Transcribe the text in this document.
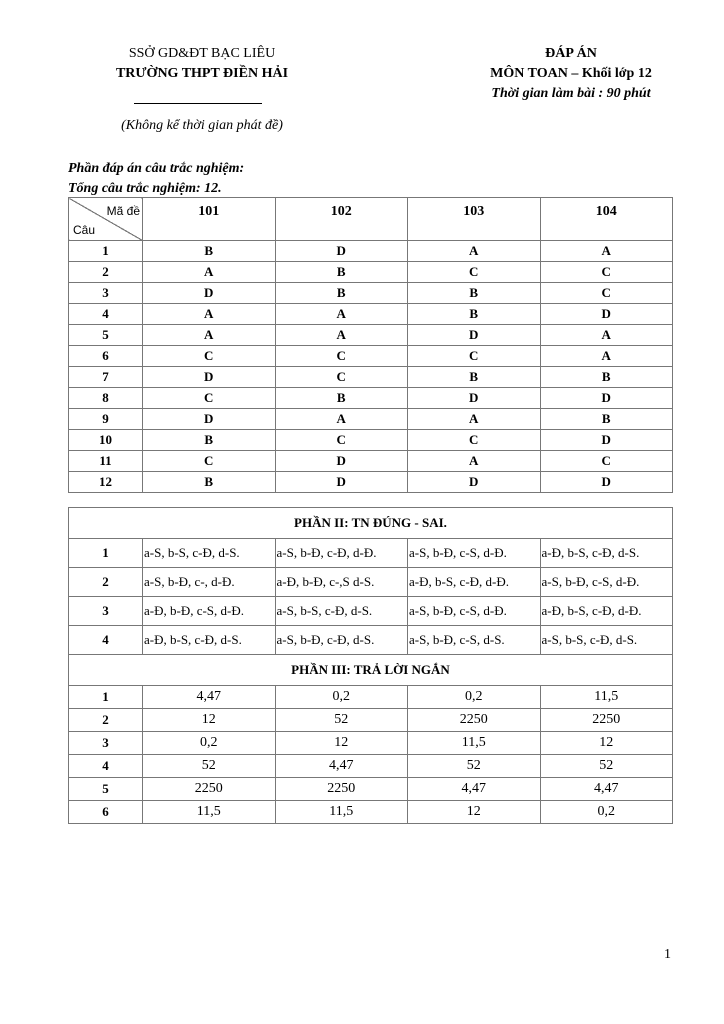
SSỞ GD&ĐT BẠC LIÊU
TRƯỜNG THPT ĐIỀN HẢI
(Không kể thời gian phát đề)
ĐÁP ÁN
MÔN TOAN – Khối lớp 12
Thời gian làm bài : 90 phút
Phần đáp án câu trắc nghiệm:
Tổng câu trắc nghiệm: 12.
Mã đề
Câu	101	102	103	104
1	B	D	A	A
2	A	B	C	C
3	D	B	B	C
4	A	A	B	D
5	A	A	D	A
6	C	C	C	A
7	D	C	B	B
8	C	B	D	D
9	D	A	A	B
10	B	C	C	D
11	C	D	A	C
12	B	D	D	D
PHẦN II: TN ĐÚNG - SAI.				
1	a-S, b-S, c-Đ, d-S.	a-S, b-Đ, c-Đ, d-Đ.	a-S, b-Đ, c-S, d-Đ.	a-Đ, b-S, c-Đ, d-S.
2	a-S, b-Đ, c-, d-Đ.	a-Đ, b-Đ, c-,S d-S.	a-Đ, b-S, c-Đ, d-Đ.	a-S, b-Đ, c-S, d-Đ.
3	a-Đ, b-Đ, c-S, d-Đ.	a-S, b-S, c-Đ, d-S.	a-S, b-Đ, c-S, d-Đ.	a-Đ, b-S, c-Đ, d-Đ.
4	a-Đ, b-S, c-Đ, d-S.	a-S, b-Đ, c-Đ, d-S.	a-S, b-Đ, c-S, d-S.	a-S, b-S, c-Đ, d-S.
PHẦN III: TRẢ LỜI NGẮN				
1	4,47	0,2	0,2	11,5
2	12	52	2250	2250
3	0,2	12	11,5	12
4	52	4,47	52	52
5	2250	2250	4,47	4,47
6	11,5	11,5	12	0,2
1
